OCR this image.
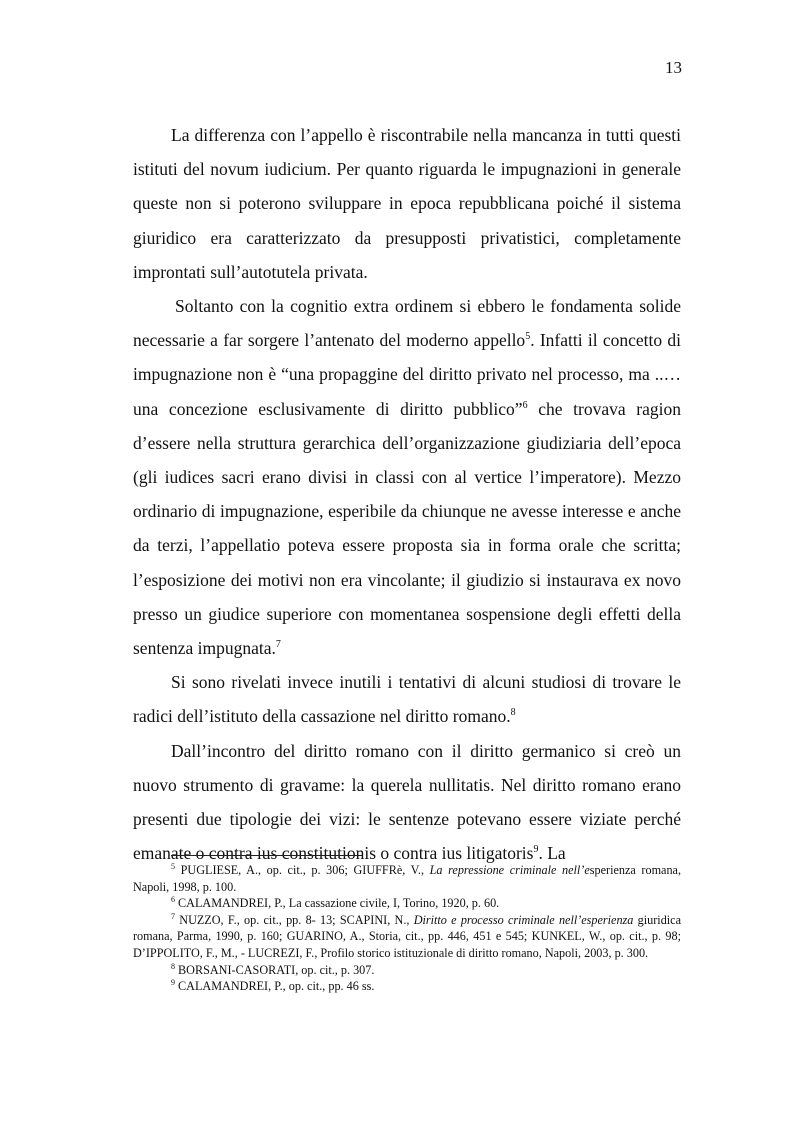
13

La differenza con l’appello è riscontrabile nella mancanza in tutti questi istituti del novum iudicium. Per quanto riguarda le impugnazioni in generale queste non si poterono sviluppare in epoca repubblicana poiché il sistema giuridico era caratterizzato da presupposti privatistici, completamente improntati sull’autotutela privata.

Soltanto con la cognitio extra ordinem si ebbero le fondamenta solide necessarie a far sorgere l’antenato del moderno appello$^5$. Infatti il concetto di impugnazione non è “una propaggine del diritto privato nel processo, ma ..… una concezione esclusivamente di diritto pubblico”$^6$ che trovava ragion d’essere nella struttura gerarchica dell’organizzazione giudiziaria dell’epoca (gli iudices sacri erano divisi in classi con al vertice l’imperatore). Mezzo ordinario di impugnazione, esperibile da chiunque ne avesse interesse e anche da terzi, l’appellatio poteva essere proposta sia in forma orale che scritta; l’esposizione dei motivi non era vincolante; il giudizio si instaurava ex novo presso un giudice superiore con momentanea sospensione degli effetti della sentenza impugnata.$^7$

Si sono rivelati invece inutili i tentativi di alcuni studiosi di trovare le radici dell’istituto della cassazione nel diritto romano.$^8$

Dall’incontro del diritto romano con il diritto germanico si creò un nuovo strumento di gravame: la querela nullitatis. Nel diritto romano erano presenti due tipologie dei vizi: le sentenze potevano essere viziate perché emanate o contra ius constitutionis o contra ius litigatoris$^9$. La

$^5$ PUGLIESE, A., op. cit., p. 306; GIUFFRè, V., La repressione criminale nell’esperienza romana, Napoli, 1998, p. 100.

$^6$ CALAMANDREI, P., La cassazione civile, I, Torino, 1920, p. 60.

$^7$ NUZZO, F., op. cit., pp. 8- 13; SCAPINI, N., Diritto e processo criminale nell’esperienza giuridica romana, Parma, 1990, p. 160; GUARINO, A., Storia, cit., pp. 446, 451 e 545; KUNKEL, W., op. cit., p. 98; D’IPPOLITO, F., M., - LUCREZI, F., Profilo storico istituzionale di diritto romano, Napoli, 2003, p. 300.

$^8$ BORSANI-CASORATI, op. cit., p. 307.

$^9$ CALAMANDREI, P., op. cit., pp. 46 ss.
